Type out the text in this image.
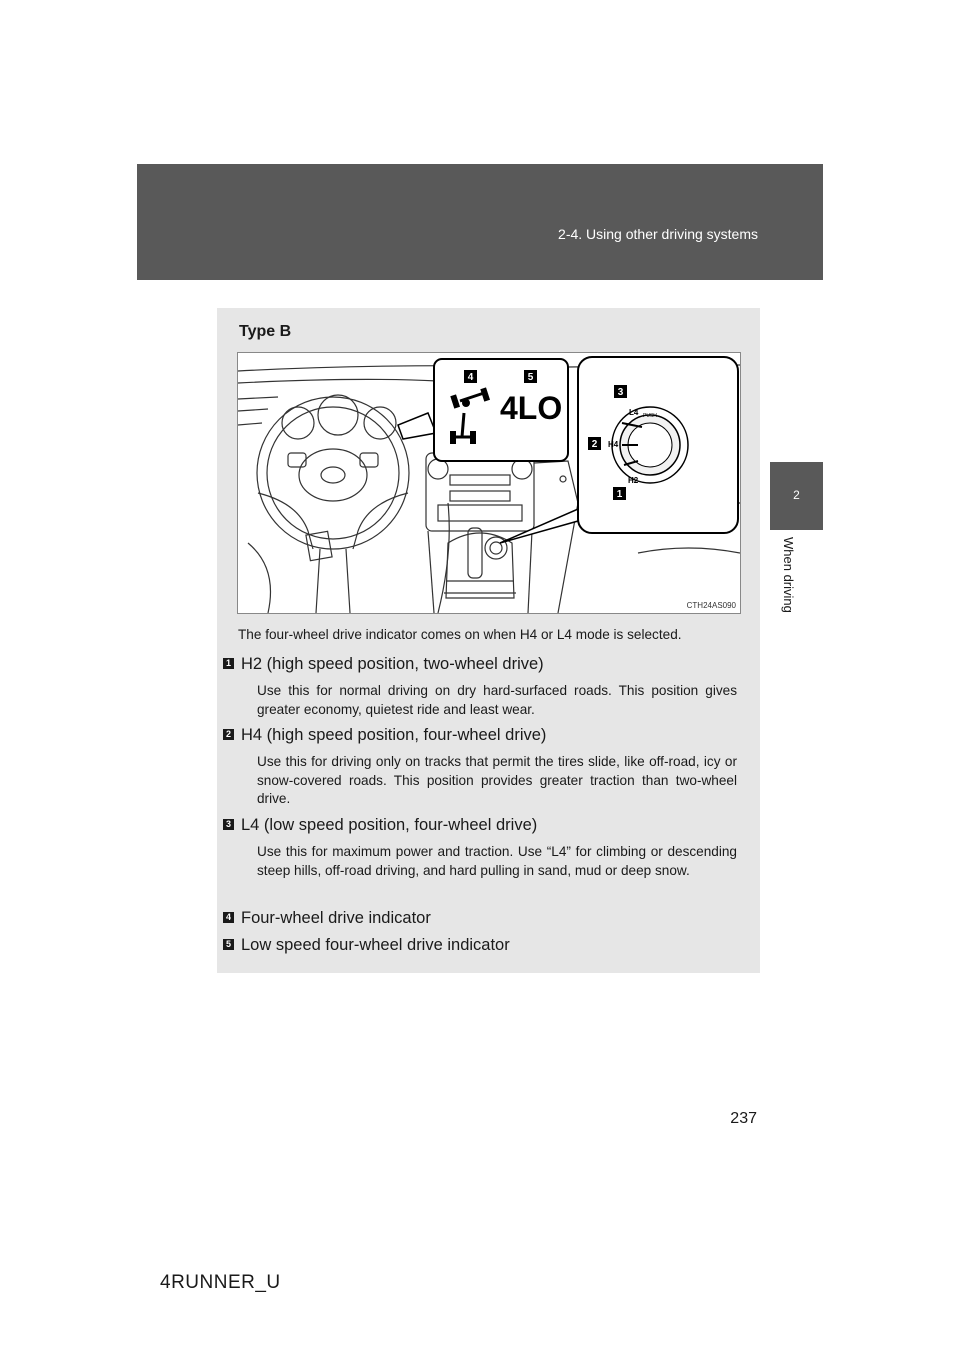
2-4. Using other driving systems
2
When driving
Type B
4LO	L4
H4
H2
PUSH
4	5
3
2
1
CTH24AS090
The four-wheel drive indicator comes on when H4 or L4 mode is selected.
1 H2 (high speed position, two-wheel drive)
Use this for normal driving on dry hard-surfaced roads. This position gives greater economy, quietest ride and least wear.
2 H4 (high speed position, four-wheel drive)
Use this for driving only on tracks that permit the tires slide, like off-road, icy or snow-covered roads. This position provides greater traction than two-wheel drive.
3 L4 (low speed position, four-wheel drive)
Use this for maximum power and traction. Use “L4” for climbing or descending steep hills, off-road driving, and hard pulling in sand, mud or deep snow.
4 Four-wheel drive indicator
5 Low speed four-wheel drive indicator
237
4RUNNER_U
